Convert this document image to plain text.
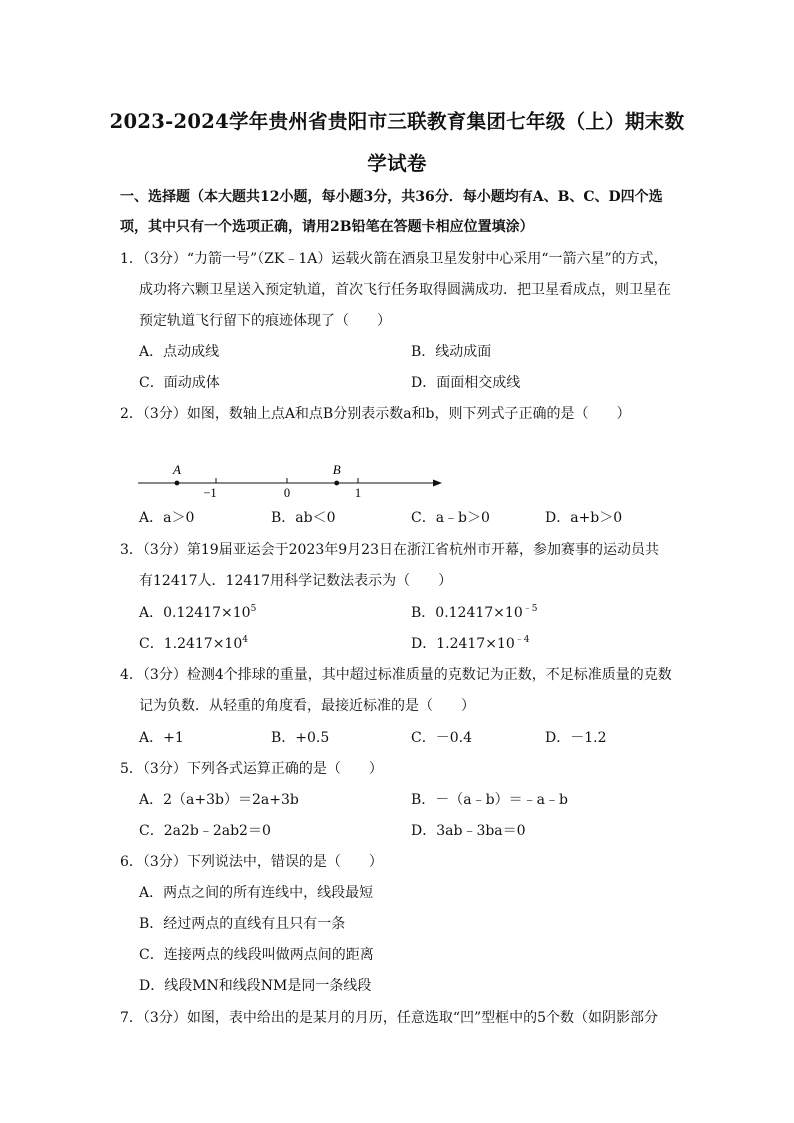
2023-2024学年贵州省贵阳市三联教育集团七年级（上）期末数
学试卷
一、选择题（本大题共12小题，每小题3分，共36分．每小题均有A、B、C、D四个选
项，其中只有一个选项正确，请用2B铅笔在答题卡相应位置填涂）
1．（3分）“力箭一号”（ZK﹣1A）运载火箭在酒泉卫星发射中心采用“一箭六星”的方式，
成功将六颗卫星送入预定轨道，首次飞行任务取得圆满成功．把卫星看成点，则卫星在
预定轨道飞行留下的痕迹体现了（　　）
A．点动成线	B．线动成面
C．面动成体	D．面面相交成线
2．（3分）如图，数轴上点A和点B分别表示数a和b，则下列式子正确的是（　　）
A	B
−1	0	1
A．a＞0	B．ab＜0	C．a﹣b＞0	D．a+b＞0
3．（3分）第19届亚运会于2023年9月23日在浙江省杭州市开幕，参加赛事的运动员共
有12417人．12417用科学记数法表示为（　　）
A．$0.12417\times 10^5$	B．$0.12417\times 10^{﹣5}$
C．$1.2417\times 10^4$	D．$1.2417\times 10^{﹣4}$
4．（3分）检测4个排球的重量，其中超过标准质量的克数记为正数，不足标准质量的克数
记为负数．从轻重的角度看，最接近标准的是（　　）
A．+1	B．+0.5	C．－0.4	D．－1.2
5．（3分）下列各式运算正确的是（　　）
A．2（a+3b）＝2a+3b	B．－（a﹣b）＝﹣a﹣b
C．2a2b﹣2ab2＝0	D．3ab﹣3ba＝0
6．（3分）下列说法中，错误的是（　　）
A．两点之间的所有连线中，线段最短
B．经过两点的直线有且只有一条
C．连接两点的线段叫做两点间的距离
D．线段MN和线段NM是同一条线段
7．（3分）如图，表中给出的是某月的月历，任意选取“凹”型框中的5个数（如阴影部分
